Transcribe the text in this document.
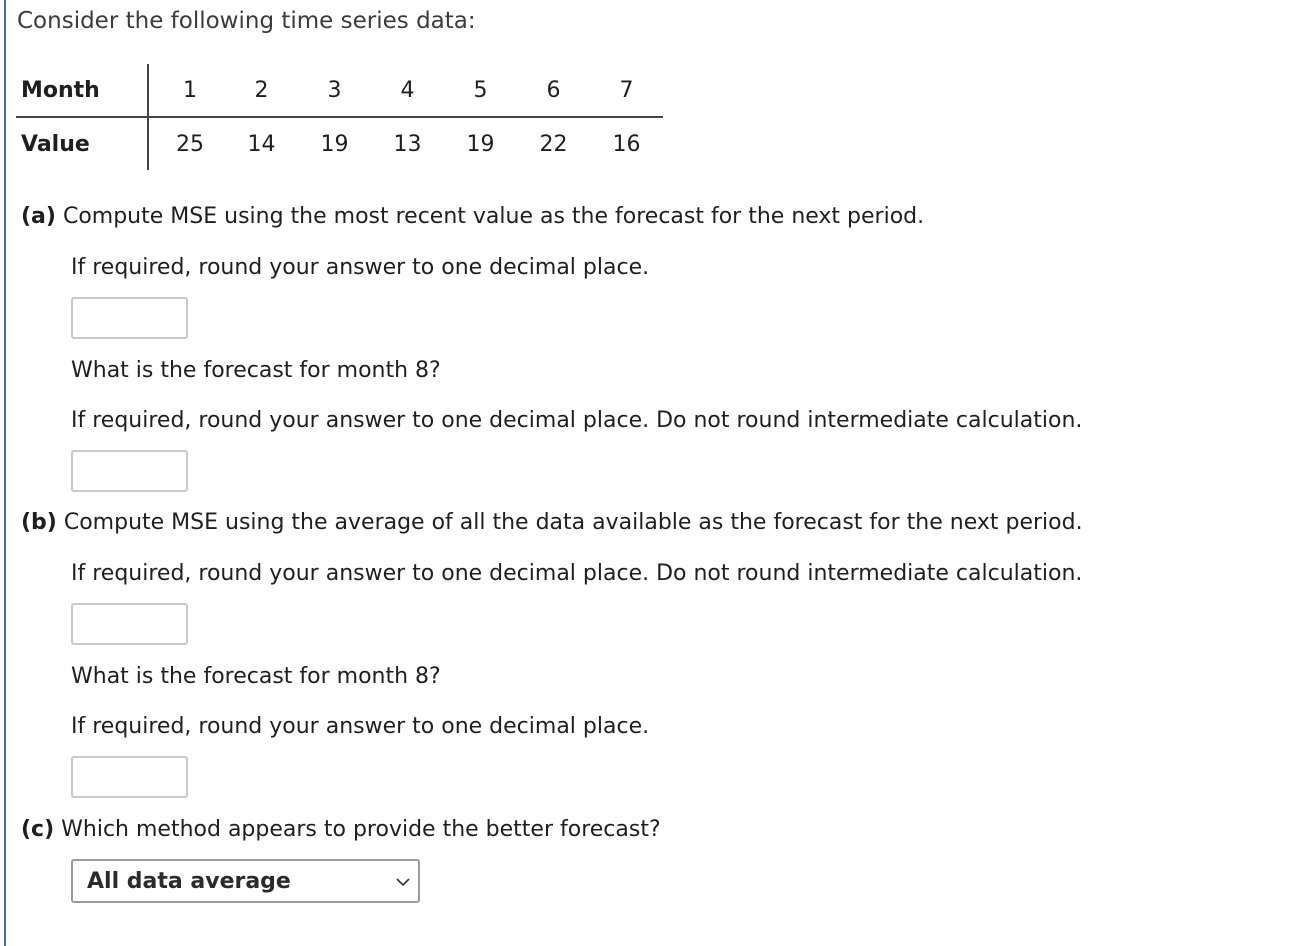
Consider the following time series data:
Month	1	2	3	4	5	6	7
Value	25	14	19	13	19	22	16
(a) Compute MSE using the most recent value as the forecast for the next period.
If required, round your answer to one decimal place.
What is the forecast for month 8?
If required, round your answer to one decimal place. Do not round intermediate calculation.
(b) Compute MSE using the average of all the data available as the forecast for the next period.
If required, round your answer to one decimal place. Do not round intermediate calculation.
What is the forecast for month 8?
If required, round your answer to one decimal place.
(c) Which method appears to provide the better forecast?
All data average
